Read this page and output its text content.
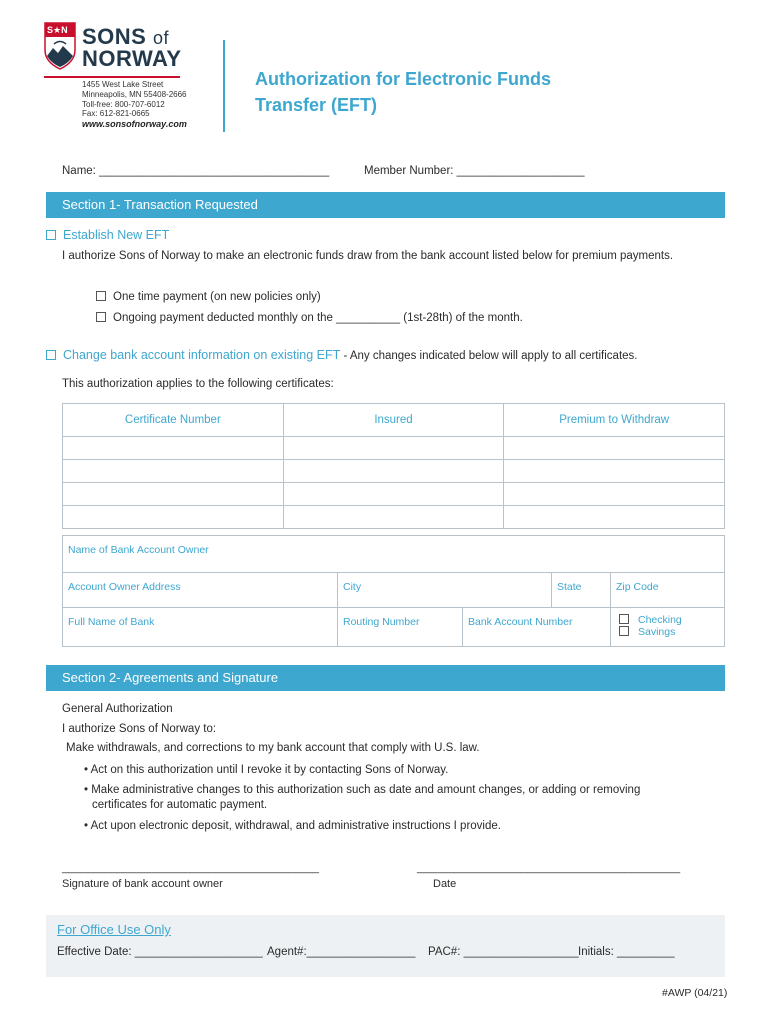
S★N SONS of
NORWAY
1455 West Lake Street
Minneapolis, MN 55408-2666
Toll-free: 800-707-6012
Fax: 612-821-0665
www.sonsofnorway.com
Authorization for Electronic Funds
Transfer (EFT)
Name: ____________________________________	Member Number: ____________________
Section 1- Transaction Requested
Establish New EFT
I authorize Sons of Norway to make an electronic funds draw from the bank account listed below for premium payments.
One time payment (on new policies only)
Ongoing payment deducted monthly on the __________ (1st-28th) of the month.
Change bank account information on existing EFT - Any changes indicated below will apply to all certificates.
This authorization applies to the following certificates:
Certificate Number	Insured	Premium to Withdraw

Name of Bank Account Owner
Account Owner Address	City	State	Zip Code
Full Name of Bank	Routing Number	Bank Account Number	Checking
Savings
Section 2- Agreements and Signature
General Authorization
I authorize Sons of Norway to:
Make withdrawals, and corrections to my bank account that comply with U.S. law.
• Act on this authorization until I revoke it by contacting Sons of Norway.
• Make administrative changes to this authorization such as date and amount changes, or adding or removing
certificates for automatic payment.
• Act upon electronic deposit, withdrawal, and administrative instructions I provide.
__________________________________________	___________________________________________
Signature of bank account owner	Date
For Office Use Only
Effective Date: ____________________ Agent#:_________________ PAC#: __________________ Initials: _________
#AWP (04/21)
